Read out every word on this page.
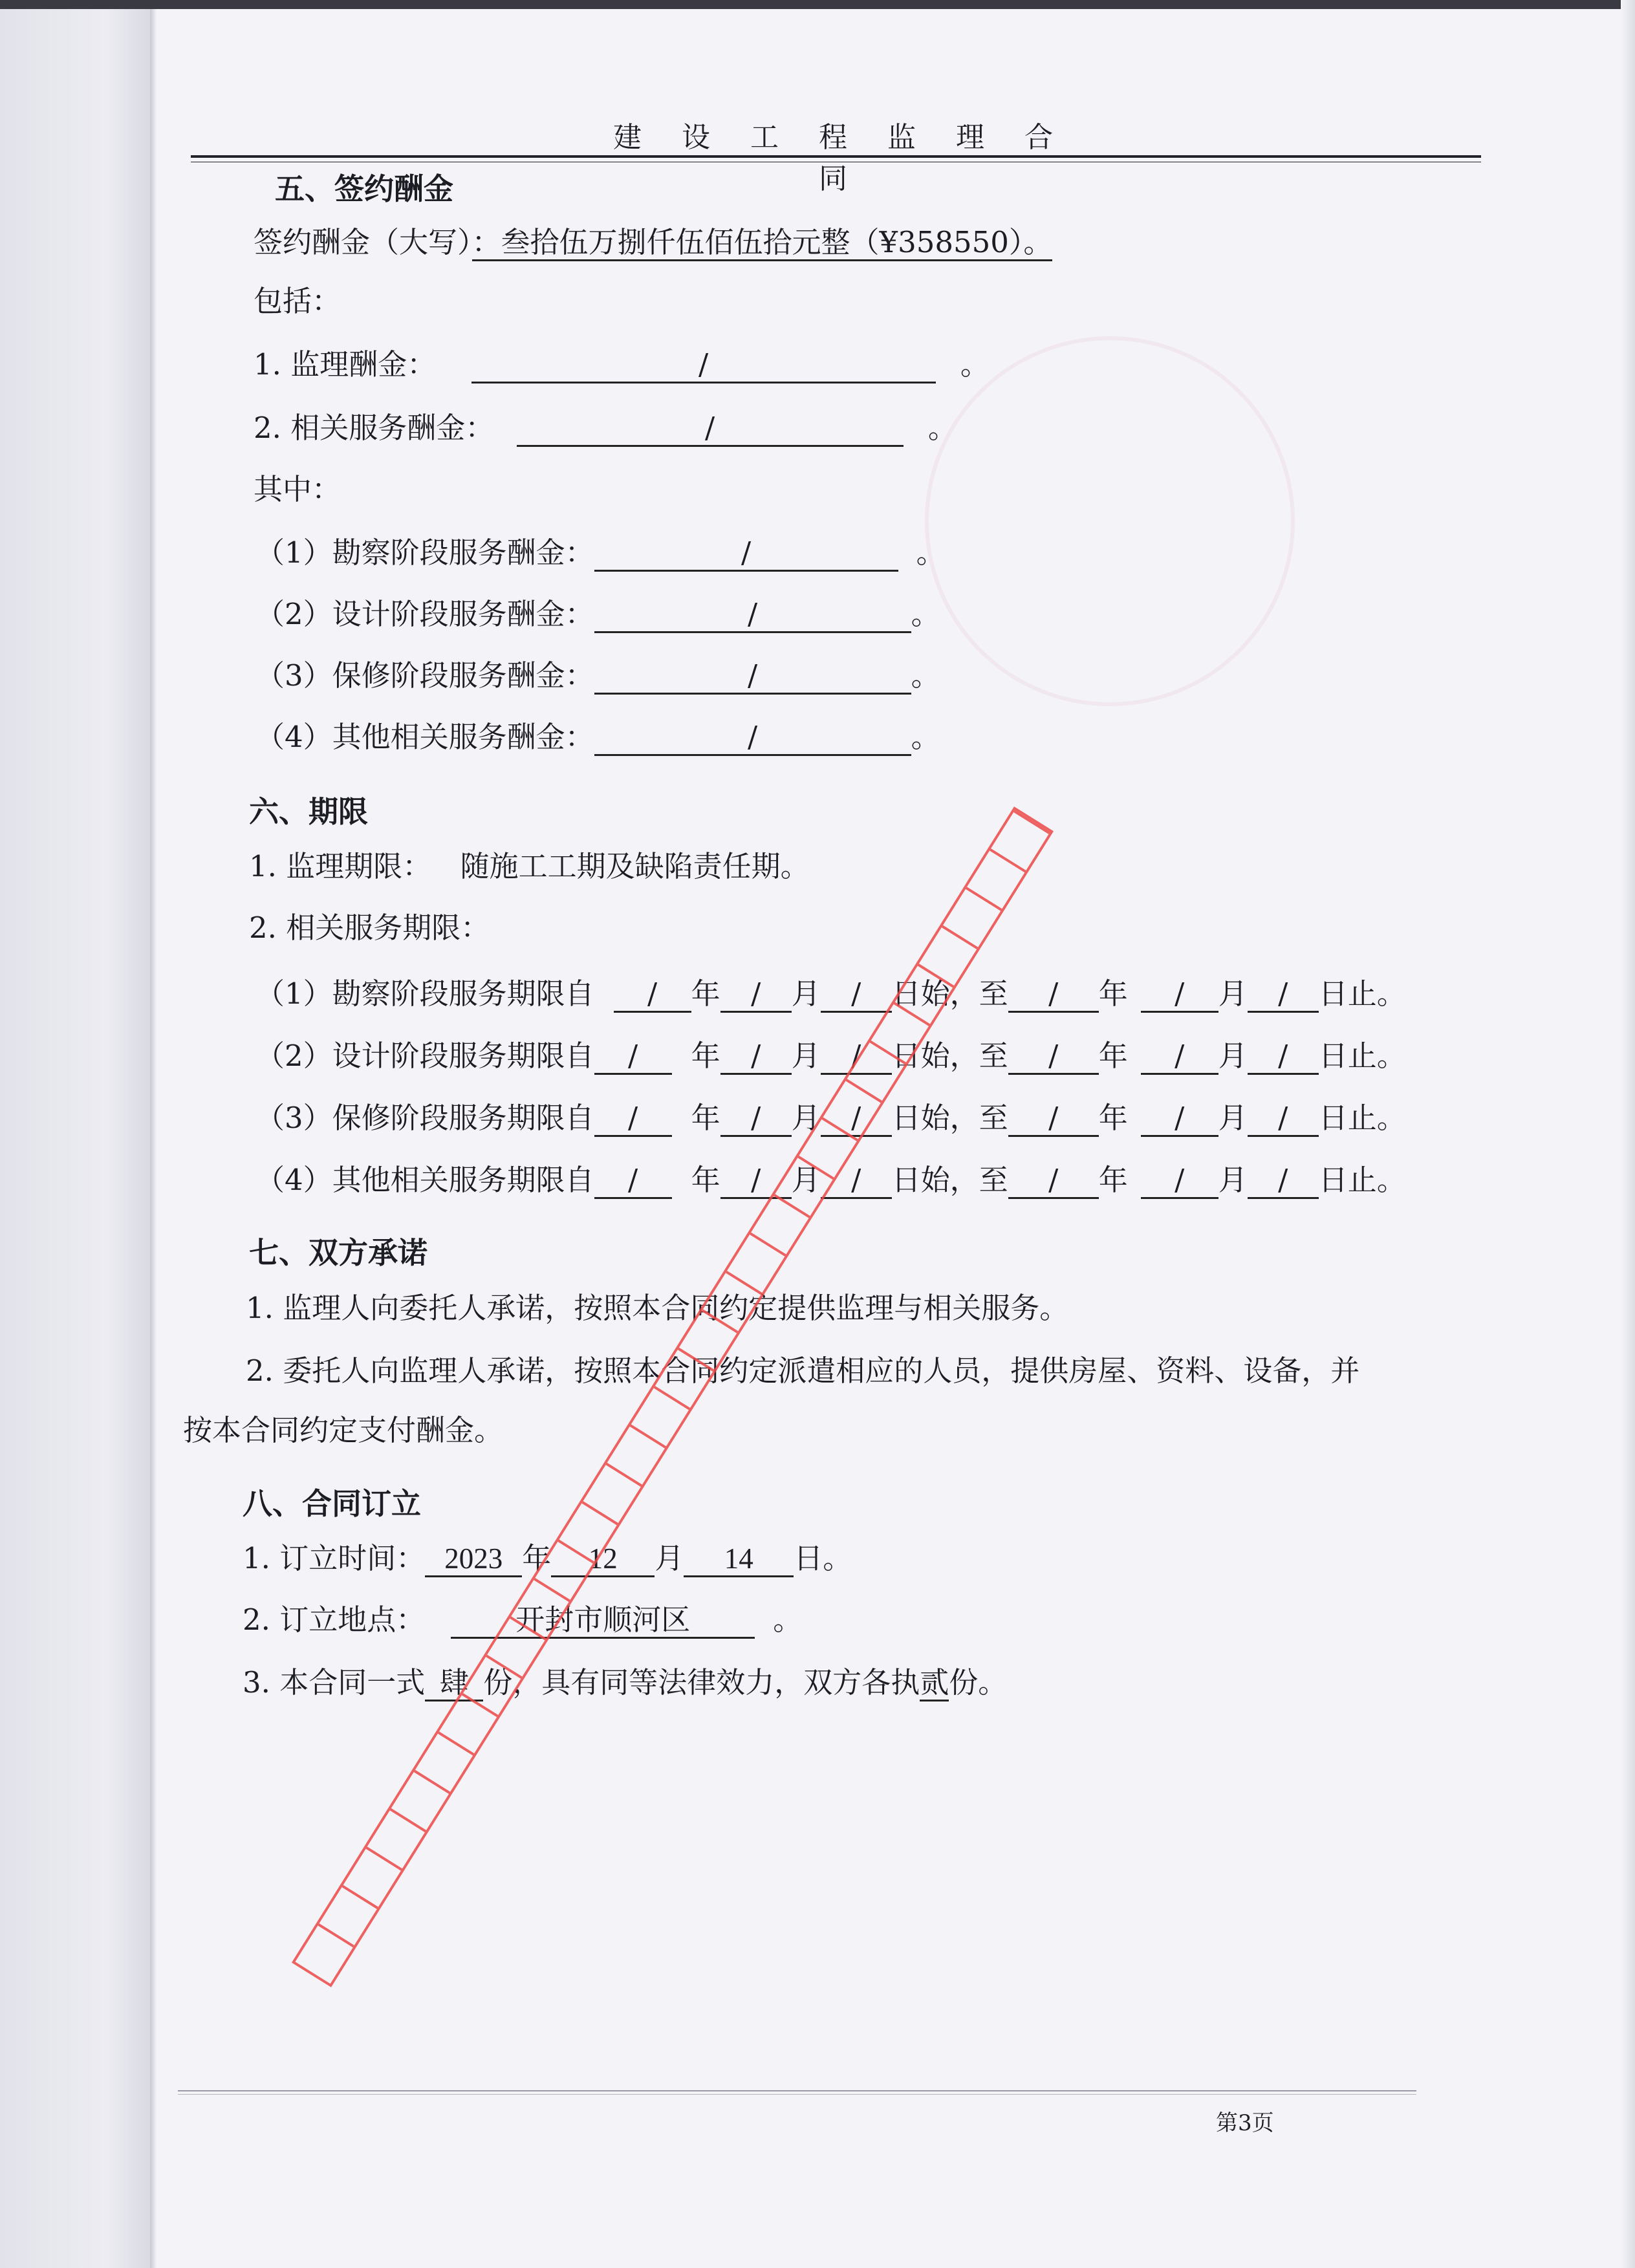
建 设 工 程 监 理 合 同
五、签约酬金
签约酬金（大写）：叁拾伍万捌仟伍佰伍拾元整（¥358550）。
包括：
1. 监理酬金：	/	。
2. 相关服务酬金：	/	。
其中：
（1）勘察阶段服务酬金：	/	。
（2）设计阶段服务酬金：	/	。
（3）保修阶段服务酬金：	/	。
（4）其他相关服务酬金：	/	。
六、期限
1. 监理期限： 随施工工期及缺陷责任期。
2. 相关服务期限：
（1）勘察阶段服务期限自 / 年 / 月 / 日始，至 / 年 / 月 / 日止。
（2）设计阶段服务期限自 / 年 / 月 / 日始，至 / 年 / 月 / 日止。
（3）保修阶段服务期限自 / 年 / 月 / 日始，至 / 年 / 月 / 日止。
（4）其他相关服务期限自 / 年 / 月 / 日始，至 / 年 / 月 / 日止。
七、双方承诺
1. 监理人向委托人承诺，按照本合同约定提供监理与相关服务。
2. 委托人向监理人承诺，按照本合同约定派遣相应的人员，提供房屋、资料、设备，并
按本合同约定支付酬金。
八、合同订立
1. 订立时间： 2023 年 12 月 14 日。
2. 订立地点：	开封市顺河区	。
3. 本合同一式 肆 份，具有同等法律效力，双方各执贰份。
第3页
